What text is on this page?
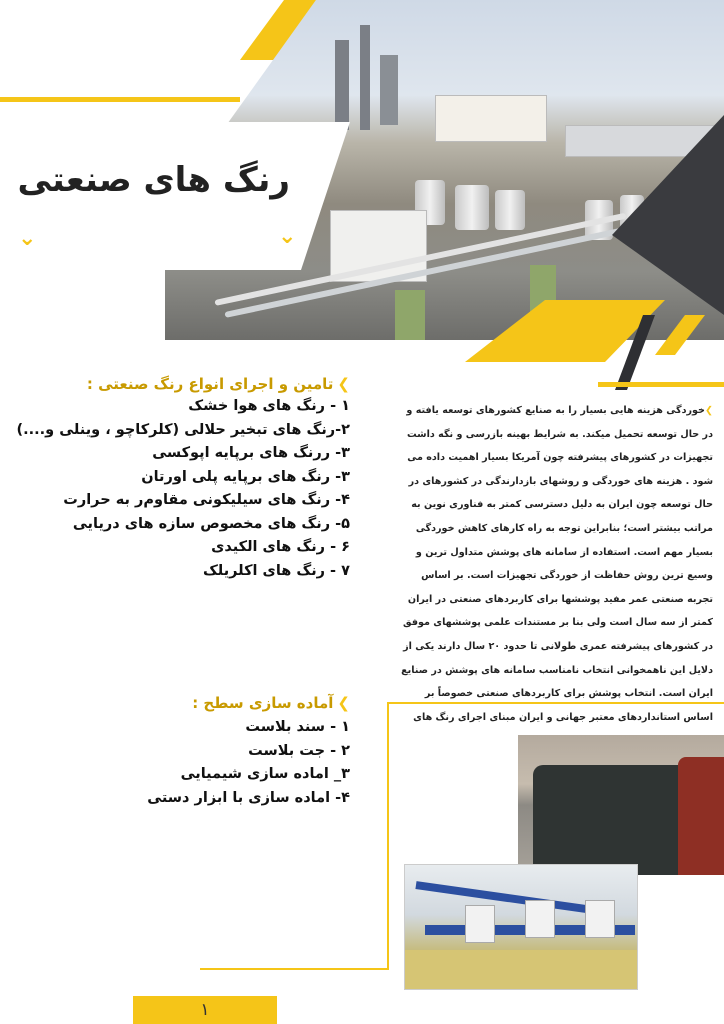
رنگ های صنعتی
⌄	⌄
❯تامین و اجرای انواع رنگ صنعتی :
۱ - رنگ های هوا خشک
۲-رنگ های تبخیر حلالی (کلرکاچو ، وینلی و....)
۳- ررنگ های برپایه اپوکسی
۳- رنگ های برپایه پلی اورتان
۴- رنگ های سیلیکونی مقاوم‌ر به حرارت
۵- رنگ های مخصوص سازه های دریایی
۶ - رنگ های الکیدی
۷ - رنگ های اکلریلک
❯خوردگی هزینه هایی بسیار را به صنایع کشورهای توسعه یافته و در حال توسعه تحمیل میکند. به شرایط بهینه بازرسی و نگه داشت تجهیزات در کشورهای پیشرفته چون آمریکا بسیار اهمیت داده می شود . هزینه های خوردگی و روشهای بازدارندگی در کشورهای در حال توسعه چون ایران به دلیل دسترسی کمتر به فناوری نوین به مراتب بیشتر است؛ بنابراین توجه به راه کارهای کاهش خوردگی بسیار مهم است. استفاده از سامانه های پوشش متداول ترین و وسیع ترین روش حفاظت از خوردگی تجهیزات است. بر اساس تجربه صنعتی عمر مفید پوششها برای کاربردهای صنعتی در ایران کمتر از سه سال است ولی بنا بر مستندات علمی پوششهای موفق در کشورهای پیشرفته عمری طولانی تا حدود ۲۰ سال دارند یکی از دلایل این ناهمخوانی انتخاب نامناسب سامانه های پوشش در صنایع ایران است. انتخاب پوشش برای کاربردهای صنعتی خصوصاً بر اساس استانداردهای معتبر جهانی و ایران مبنای اجرای رنگ های
❯آماده سازی سطح :
۱ - سند بلاست
۲ - جت بلاست
۳_ اماده سازی شیمیایی
۴- اماده سازی با ابزار دستی
۱
